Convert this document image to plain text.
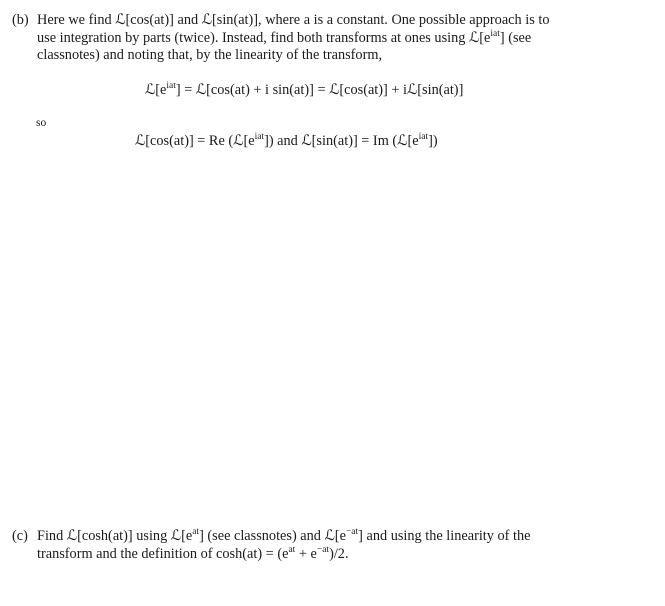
(b) Here we find ℒ[cos(at)] and ℒ[sin(at)], where a is a constant. One possible approach is to
use integration by parts (twice). Instead, find both transforms at ones using $ℒ[e^{iat}]$ (see
classnotes) and noting that, by the linearity of the transform,
$ℒ[e^{iat}]$ = ℒ[cos(at) + i sin(at)] = ℒ[cos(at)] + iℒ[sin(at)]
so
ℒ[cos(at)] = Re $(ℒ[e^{iat}])$ and ℒ[sin(at)] = Im $(ℒ[e^{iat}])$
(c) Find ℒ[cosh(at)] using $ℒ[e^{at}]$ (see classnotes) and $ℒ[e^{-at}]$ and using the linearity of the
transform and the definition of $\cosh(at) = (e^{at} + e^{-at})/2$.
